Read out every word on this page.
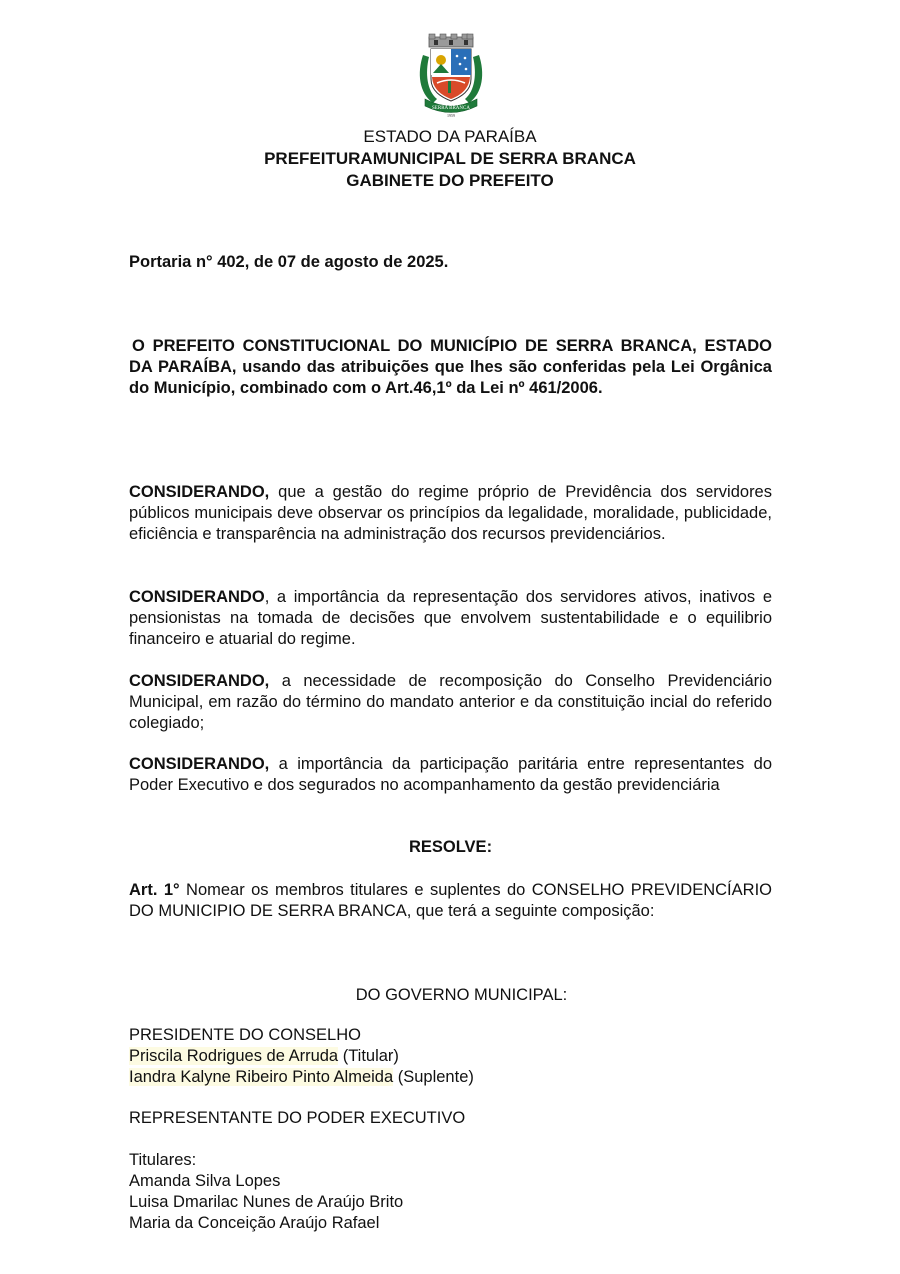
SERRA BRANCA
1959
ESTADO DA PARAÍBA
PREFEITURAMUNICIPAL DE SERRA BRANCA
GABINETE DO PREFEITO
Portaria n° 402, de 07 de agosto de 2025.

O PREFEITO CONSTITUCIONAL DO MUNICÍPIO DE SERRA BRANCA, ESTADO DA PARAÍBA, usando das atribuições que lhes são conferidas pela Lei Orgânica do Município, combinado com o Art.46,1º da Lei nº 461/2006.

CONSIDERANDO, que a gestão do regime próprio de Previdência dos servidores públicos municipais deve observar os princípios da legalidade, moralidade, publicidade, eficiência e transparência na administração dos recursos previdenciários.

CONSIDERANDO, a importância da representação dos servidores ativos, inativos e pensionistas na tomada de decisões que envolvem sustentabilidade e o equilibrio financeiro e atuarial do regime.

CONSIDERANDO, a necessidade de recomposição do Conselho Previdenciário Municipal, em razão do término do mandato anterior e da constituição incial do referido colegiado;

CONSIDERANDO, a importância da participação paritária entre representantes do Poder Executivo e dos segurados no acompanhamento da gestão previdenciária

RESOLVE:

Art. 1° Nomear os membros titulares e suplentes do CONSELHO PREVIDENCÍARIO DO MUNICIPIO DE SERRA BRANCA, que terá a seguinte composição:

DO GOVERNO MUNICIPAL:
PRESIDENTE DO CONSELHO
Priscila Rodrigues de Arruda (Titular)
Iandra Kalyne Ribeiro Pinto Almeida (Suplente)
REPRESENTANTE DO PODER EXECUTIVO
Titulares:
Amanda Silva Lopes
Luisa Dmarilac Nunes de Araújo Brito
Maria da Conceição Araújo Rafael
